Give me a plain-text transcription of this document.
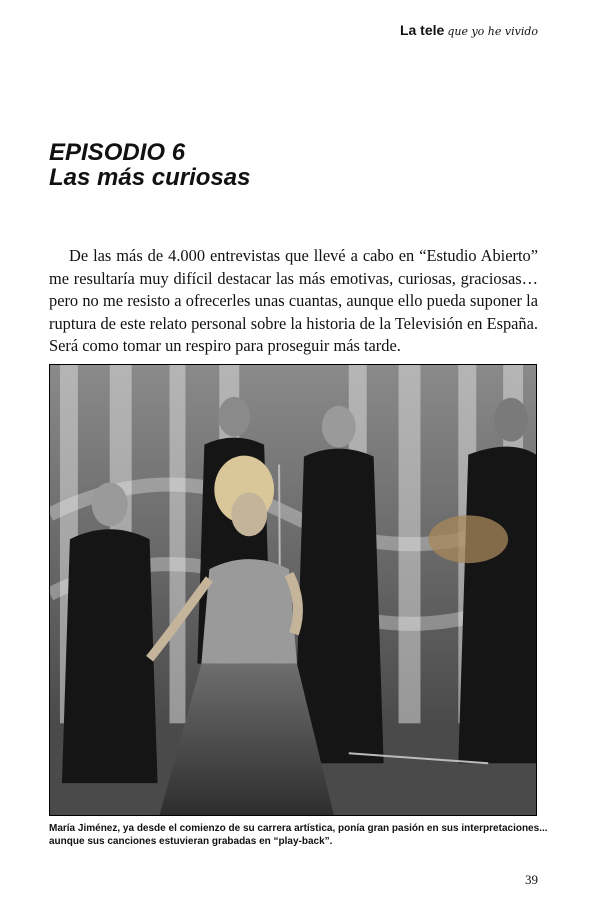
La tele que yo he vivido
EPISODIO 6
Las más curiosas

De las más de 4.000 entrevistas que llevé a cabo en “Estudio Abierto” me resultaría muy difícil destacar las más emotivas, curiosas, graciosas… pero no me resisto a ofrecerles unas cuantas, aunque ello pueda suponer la ruptura de este relato personal sobre la historia de la Televisión en España. Será como tomar un respiro para proseguir más tarde.

María Jiménez, ya desde el comienzo de su carrera artística, ponía gran pasión en sus interpretaciones...
aunque sus canciones estuvieran grabadas en “play-back”.

39
